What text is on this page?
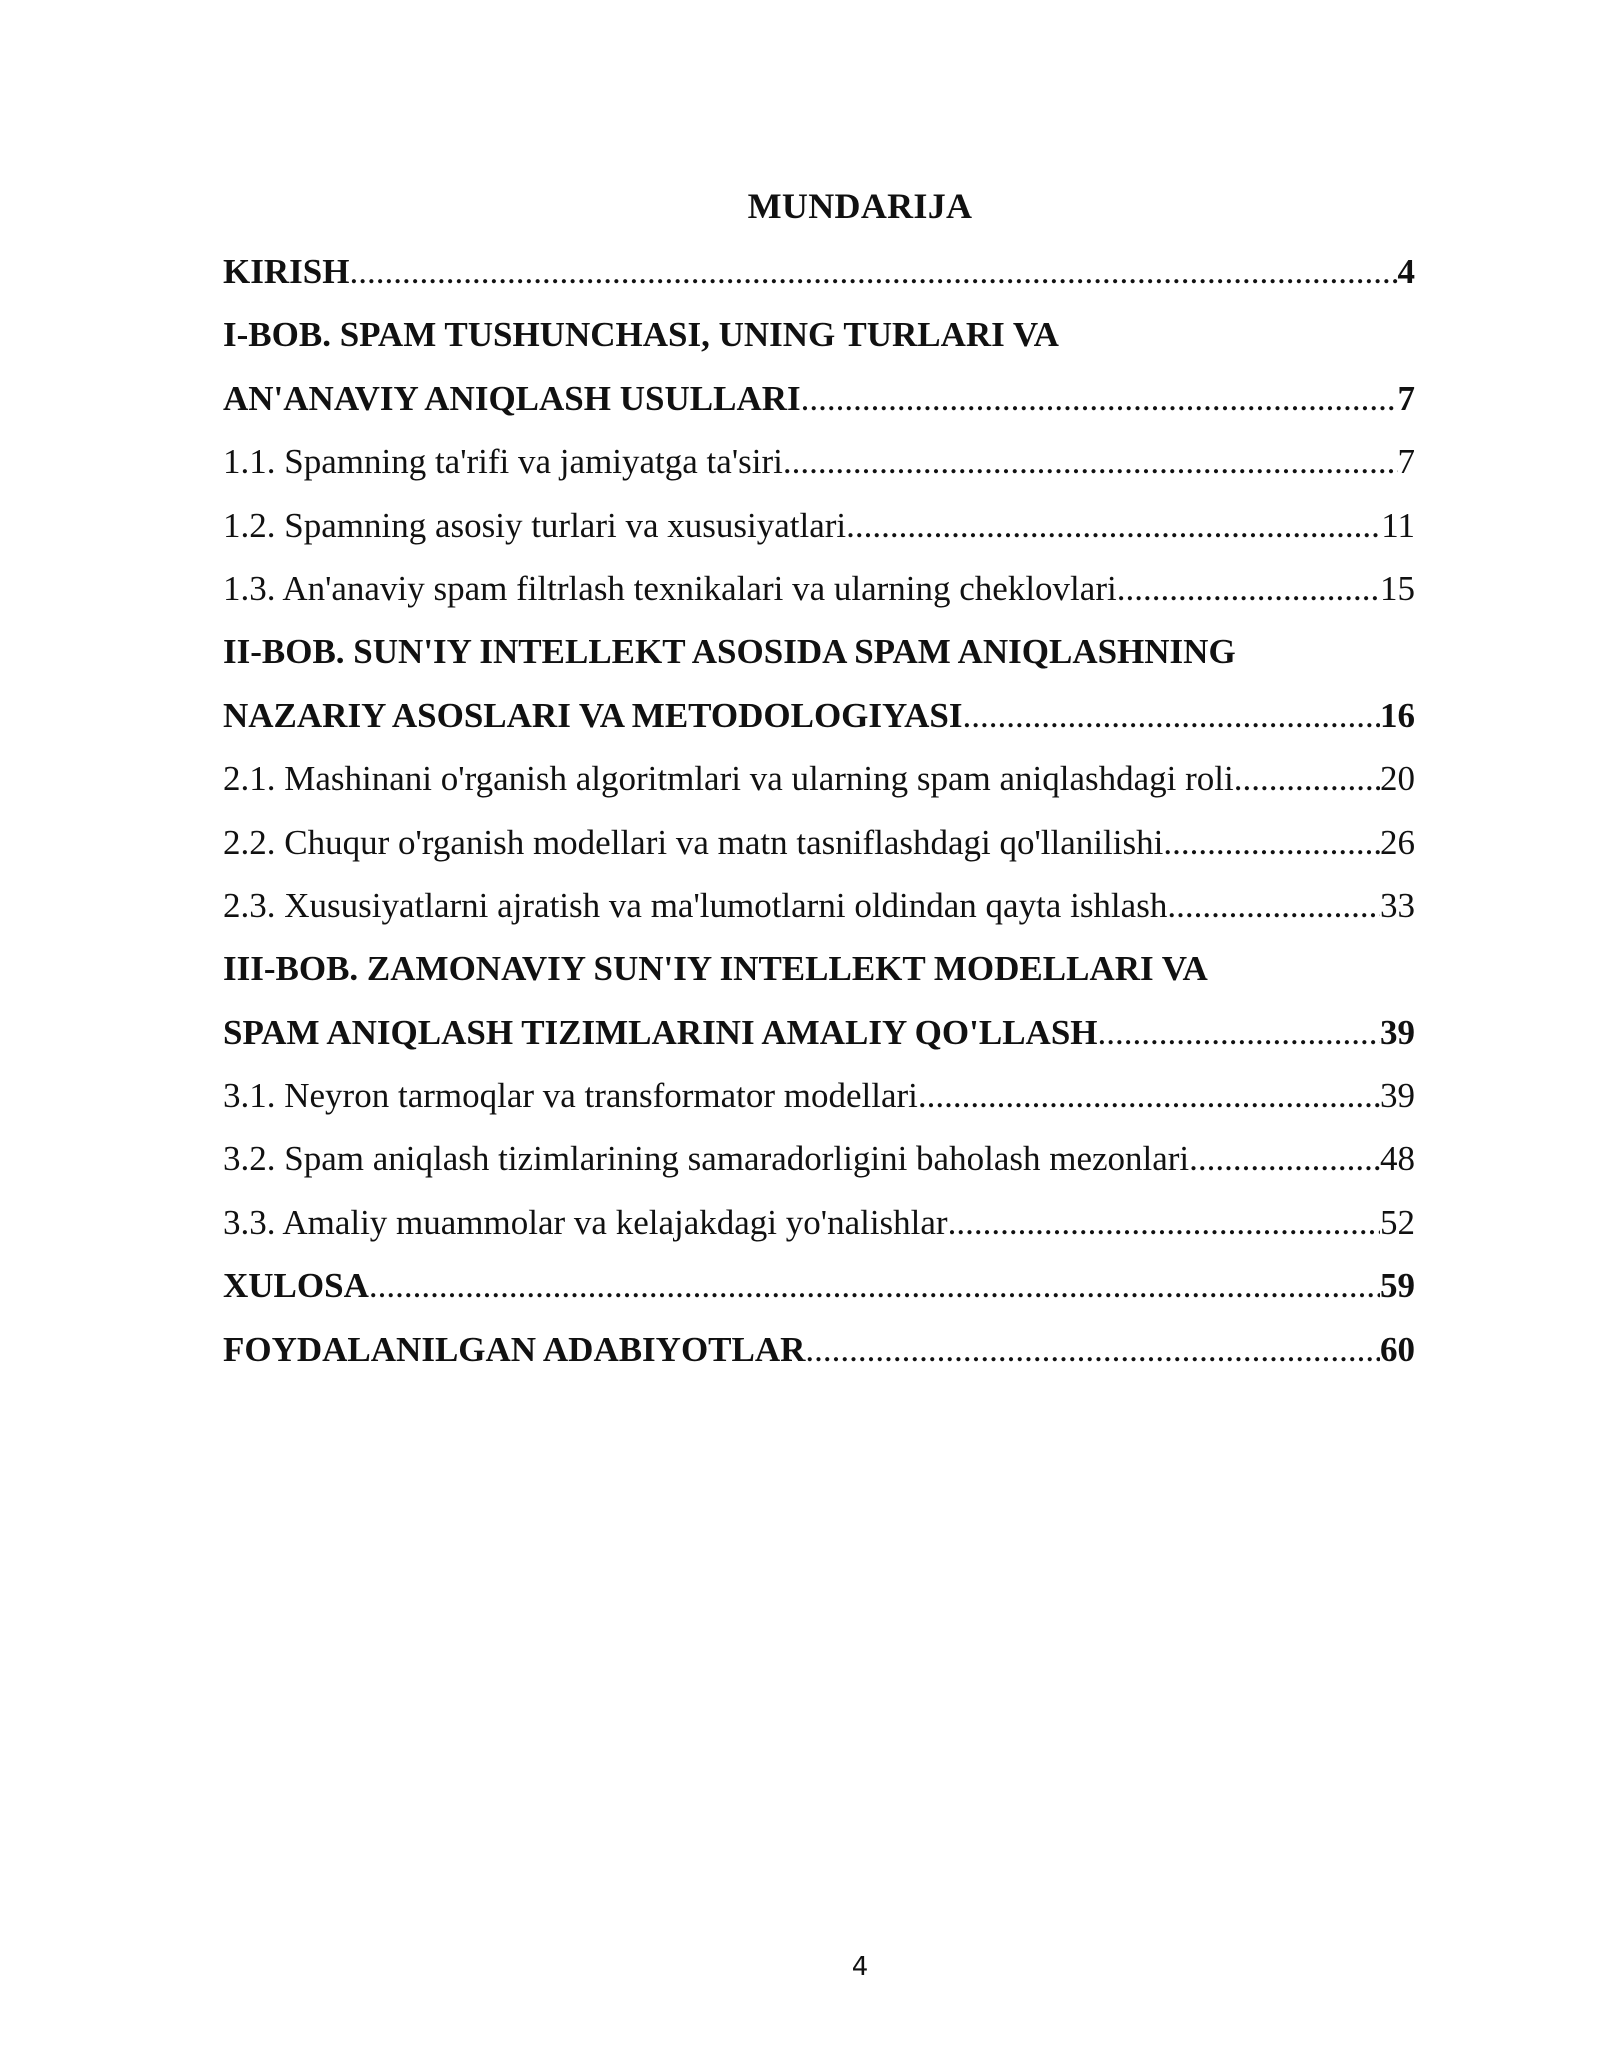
MUNDARIJA
KIRISH .....	4
I-BOB. SPAM TUSHUNCHASI, UNING TURLARI VA
AN'ANAVIY ANIQLASH USULLARI .....	7
1.1. Spamning ta'rifi va jamiyatga ta'siri .....	7
1.2. Spamning asosiy turlari va xususiyatlari .....	11
1.3. An'anaviy spam filtrlash texnikalari va ularning cheklovlari .....	15
II-BOB. SUN'IY INTELLEKT ASOSIDA SPAM ANIQLASHNING
NAZARIY ASOSLARI VA METODOLOGIYASI .....	16
2.1. Mashinani o'rganish algoritmlari va ularning spam aniqlashdagi roli .....	20
2.2. Chuqur o'rganish modellari va matn tasniflashdagi qo'llanilishi .....	26
2.3. Xususiyatlarni ajratish va ma'lumotlarni oldindan qayta ishlash .....	33
III-BOB. ZAMONAVIY SUN'IY INTELLEKT MODELLARI VA
SPAM ANIQLASH TIZIMLARINI AMALIY QO'LLASH .....	39
3.1. Neyron tarmoqlar va transformator modellari .....	39
3.2. Spam aniqlash tizimlarining samaradorligini baholash mezonlari .....	48
3.3. Amaliy muammolar va kelajakdagi yo'nalishlar .....	52
XULOSA .....	59
FOYDALANILGAN ADABIYOTLAR .....	60
4
